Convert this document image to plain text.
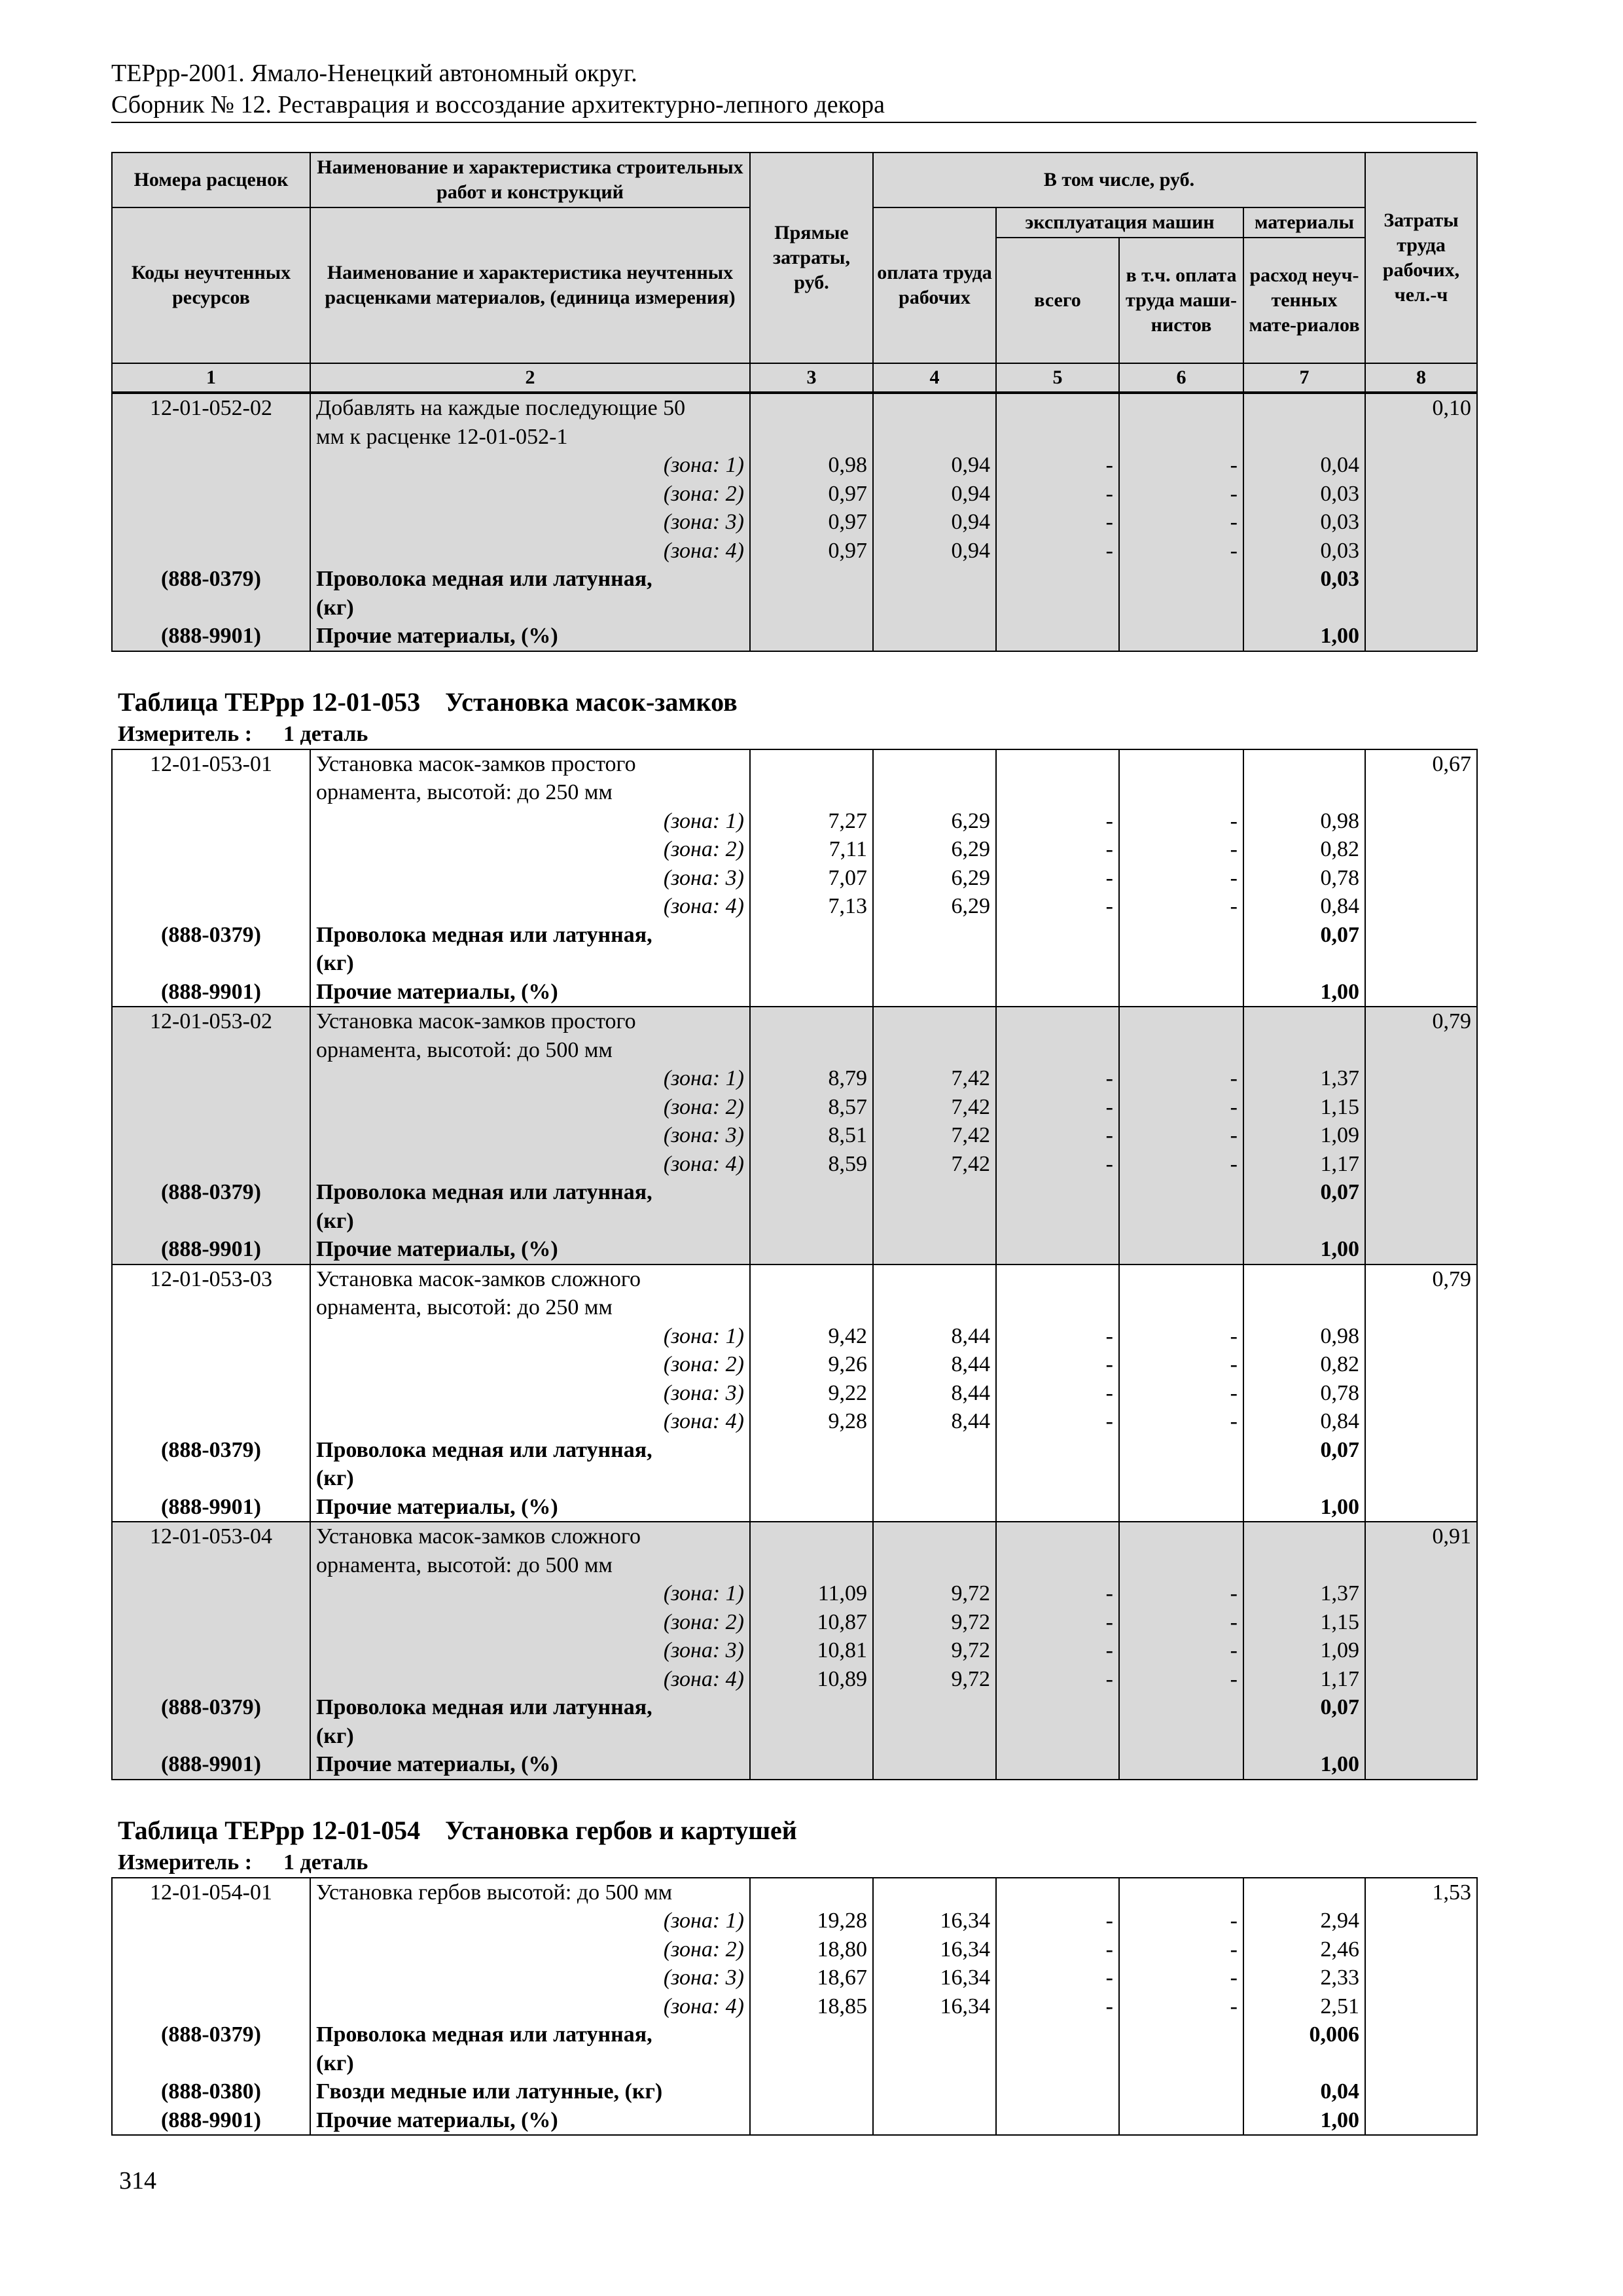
ТЕРрр-2001. Ямало-Ненецкий автономный округ.
Сборник № 12. Реставрация и воссоздание архитектурно-лепного декора
Номера расценок	Наименование и характеристика строительных работ и конструкций	Прямые затраты, руб.	В том числе, руб.				Затраты труда рабочих, чел.-ч
Коды неучтенных ресурсов	Наименование и характеристика неучтенных расценками материалов, (единица измерения)		оплата труда рабочих	эксплуатация машин		материалы	
				всего	в т.ч. оплата труда маши-нистов	расход неуч-тенных мате-риалов	
1	2	3	4	5	6	7	8
12-01-052-02	Добавлять на каждые последующие 50						0,10
	мм к расценке 12-01-052-1						
	(зона: 1)	0,98	0,94	-	-	0,04	
	(зона: 2)	0,97	0,94	-	-	0,03	
	(зона: 3)	0,97	0,94	-	-	0,03	
	(зона: 4)	0,97	0,94	-	-	0,03	
(888-0379)	Проволока медная или латунная,					0,03	
	(кг)						
(888-9901)	Прочие материалы, (%)					1,00	
Таблица ТЕРрр 12-01-053 Установка масок-замков
Измеритель : 1 деталь
12-01-053-01	Установка масок-замков простого						0,67
	орнамента, высотой: до 250 мм						
	(зона: 1)	7,27	6,29	-	-	0,98	
	(зона: 2)	7,11	6,29	-	-	0,82	
	(зона: 3)	7,07	6,29	-	-	0,78	
	(зона: 4)	7,13	6,29	-	-	0,84	
(888-0379)	Проволока медная или латунная,					0,07	
	(кг)						
(888-9901)	Прочие материалы, (%)					1,00	
12-01-053-02	Установка масок-замков простого						0,79
	орнамента, высотой: до 500 мм						
	(зона: 1)	8,79	7,42	-	-	1,37	
	(зона: 2)	8,57	7,42	-	-	1,15	
	(зона: 3)	8,51	7,42	-	-	1,09	
	(зона: 4)	8,59	7,42	-	-	1,17	
(888-0379)	Проволока медная или латунная,					0,07	
	(кг)						
(888-9901)	Прочие материалы, (%)					1,00	
12-01-053-03	Установка масок-замков сложного						0,79
	орнамента, высотой: до 250 мм						
	(зона: 1)	9,42	8,44	-	-	0,98	
	(зона: 2)	9,26	8,44	-	-	0,82	
	(зона: 3)	9,22	8,44	-	-	0,78	
	(зона: 4)	9,28	8,44	-	-	0,84	
(888-0379)	Проволока медная или латунная,					0,07	
	(кг)						
(888-9901)	Прочие материалы, (%)					1,00	
12-01-053-04	Установка масок-замков сложного						0,91
	орнамента, высотой: до 500 мм						
	(зона: 1)	11,09	9,72	-	-	1,37	
	(зона: 2)	10,87	9,72	-	-	1,15	
	(зона: 3)	10,81	9,72	-	-	1,09	
	(зона: 4)	10,89	9,72	-	-	1,17	
(888-0379)	Проволока медная или латунная,					0,07	
	(кг)						
(888-9901)	Прочие материалы, (%)					1,00	
Таблица ТЕРрр 12-01-054 Установка гербов и картушей
Измеритель : 1 деталь
12-01-054-01	Установка гербов высотой: до 500 мм						1,53
	(зона: 1)	19,28	16,34	-	-	2,94	
	(зона: 2)	18,80	16,34	-	-	2,46	
	(зона: 3)	18,67	16,34	-	-	2,33	
	(зона: 4)	18,85	16,34	-	-	2,51	
(888-0379)	Проволока медная или латунная,					0,006	
	(кг)						
(888-0380)	Гвозди медные или латунные, (кг)					0,04	
(888-9901)	Прочие материалы, (%)					1,00	
314
